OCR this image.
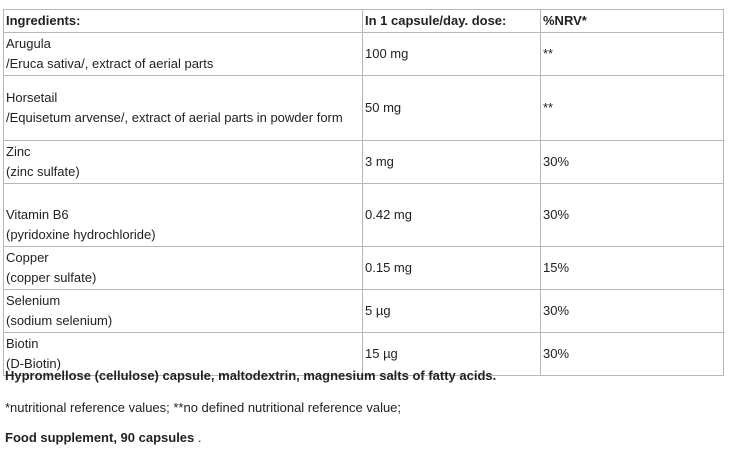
Ingredients:	In 1 capsule/day. dose:	%NRV*

Arugula
/Eruca sativa/, extract of aerial parts	100 mg	**

Horsetail
/Equisetum arvense/, extract of aerial parts in powder form	50 mg	**

Zinc
(zinc sulfate)	3 mg	30%

Vitamin B6
(pyridoxine hydrochloride)	0.42 mg	30%

Copper
(copper sulfate)	0.15 mg	15%

Selenium
(sodium selenium)	5 µg	30%

Biotin
(D-Biotin)	15 µg	30%

Hypromellose (cellulose) capsule, maltodextrin, magnesium salts of fatty acids.

*nutritional reference values; **no defined nutritional reference value;

Food supplement, 90 capsules .
